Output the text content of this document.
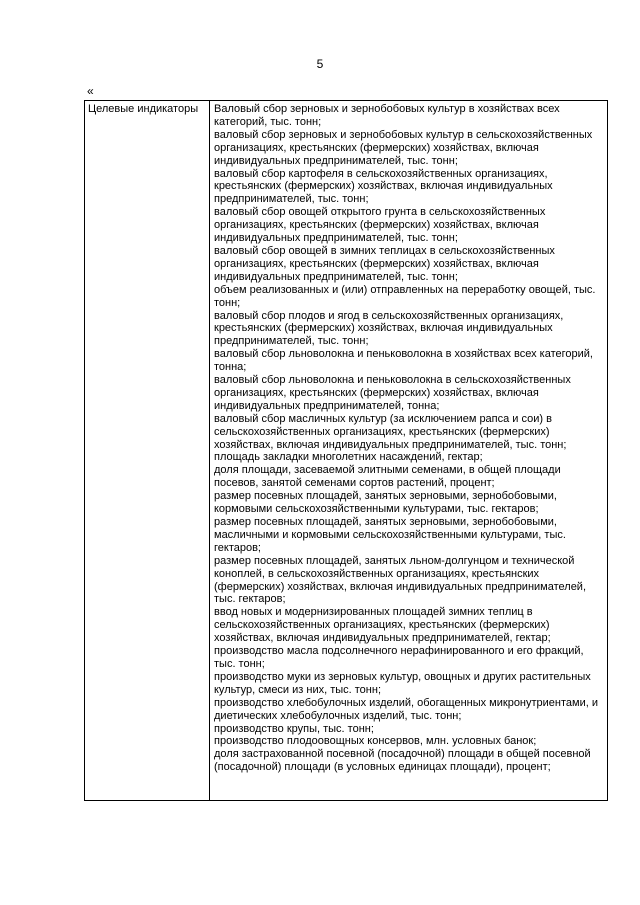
5
«
Целевые индикаторы	Валовый сбор зерновых и зернобобовых культур в хозяйствах всех категорий, тыс. тонн;
валовый сбор зерновых и зернобобовых культур в сельскохозяйственных организациях, крестьянских (фермерских) хозяйствах, включая индивидуальных предпринимателей, тыс. тонн;
валовый сбор картофеля в сельскохозяйственных организациях, крестьянских (фермерских) хозяйствах, включая индивидуальных предпринимателей, тыс. тонн;
валовый сбор овощей открытого грунта в сельскохозяйственных организациях, крестьянских (фермерских) хозяйствах, включая индивидуальных предпринимателей, тыс. тонн;
валовый сбор овощей в зимних теплицах в сельскохозяйственных организациях, крестьянских (фермерских) хозяйствах, включая индивидуальных предпринимателей, тыс. тонн;
объем реализованных и (или) отправленных на переработку овощей, тыс. тонн;
валовый сбор плодов и ягод в сельскохозяйственных организациях, крестьянских (фермерских) хозяйствах, включая индивидуальных предпринимателей, тыс. тонн;
валовый сбор льноволокна и пеньковолокна в хозяйствах всех категорий, тонна;
валовый сбор льноволокна и пеньковолокна в сельскохозяйственных организациях, крестьянских (фермерских) хозяйствах, включая индивидуальных предпринимателей, тонна;
валовый сбор масличных культур (за исключением рапса и сои) в сельскохозяйственных организациях, крестьянских (фермерских) хозяйствах, включая индивидуальных предпринимателей, тыс. тонн;
площадь закладки многолетних насаждений, гектар;
доля площади, засеваемой элитными семенами, в общей площади посевов, занятой семенами сортов растений, процент;
размер посевных площадей, занятых зерновыми, зернобобовыми, кормовыми сельскохозяйственными культурами, тыс. гектаров;
размер посевных площадей, занятых зерновыми, зернобобовыми, масличными и кормовыми сельскохозяйственными культурами, тыс. гектаров;
размер посевных площадей, занятых льном-долгунцом и технической коноплей, в сельскохозяйственных организациях, крестьянских (фермерских) хозяйствах, включая индивидуальных предпринимателей, тыс. гектаров;
ввод новых и модернизированных площадей зимних теплиц в сельскохозяйственных организациях, крестьянских (фермерских) хозяйствах, включая индивидуальных предпринимателей, гектар;
производство масла подсолнечного нерафинированного и его фракций, тыс. тонн;
производство муки из зерновых культур, овощных и других растительных культур, смеси из них, тыс. тонн;
производство хлебобулочных изделий, обогащенных микронутриентами, и диетических хлебобулочных изделий, тыс. тонн;
производство крупы, тыс. тонн;
производство плодоовощных консервов, млн. условных банок;
доля застрахованной посевной (посадочной) площади в общей посевной (посадочной) площади (в условных единицах площади), процент;
